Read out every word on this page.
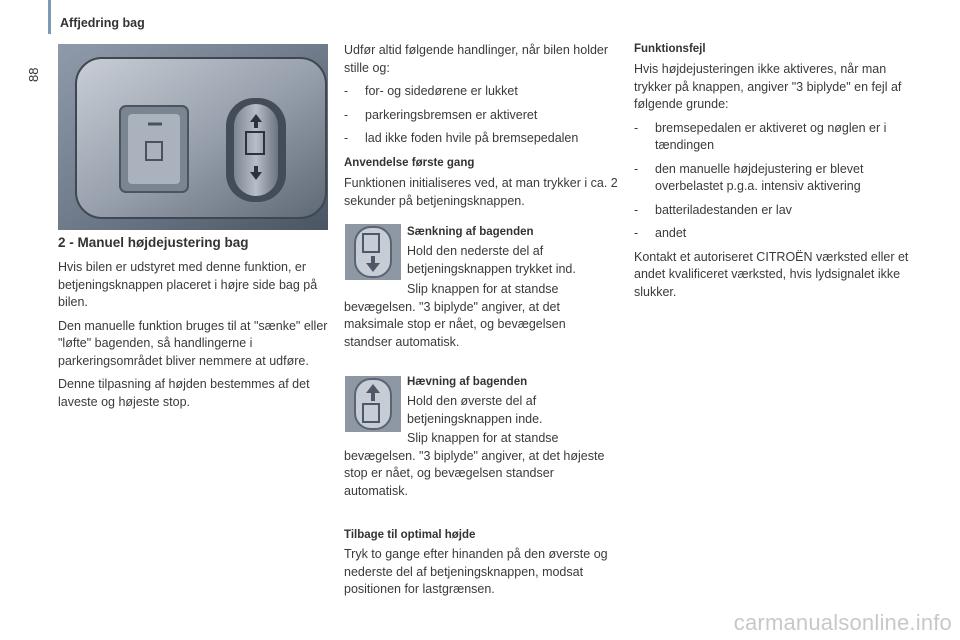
Affjedring bag
88
2 - Manuel højdejustering bag

Hvis bilen er udstyret med denne funktion, er betjeningsknappen placeret i højre side bag på bilen.

Den manuelle funktion bruges til at "sænke" eller "løfte" bagenden, så handlingerne i parkeringsområdet bliver nemmere at udføre.

Denne tilpasning af højden bestemmes af det laveste og højeste stop.

Udfør altid følgende handlinger, når bilen holder stille og:

- for- og sidedørene er lukket
- parkeringsbremsen er aktiveret
- lad ikke foden hvile på bremsepedalen
Anvendelse første gang
Funktionen initialiseres ved, at man trykker i ca. 2 sekunder på betjeningsknappen.
Sænkning af bagenden
Hold den nederste del af betjeningsknappen trykket ind.
Slip knappen for at standse bevægelsen. "3 biplyde" angiver, at det maksimale stop er nået, og bevægelsen standser automatisk.
Hævning af bagenden
Hold den øverste del af betjeningsknappen inde.
Slip knappen for at standse bevægelsen. "3 biplyde" angiver, at det højeste stop er nået, og bevægelsen standser automatisk.
Tilbage til optimal højde
Tryk to gange efter hinanden på den øverste og nederste del af betjeningsknappen, modsat positionen for lastgrænsen.
Funktionsfejl

Hvis højdejusteringen ikke aktiveres, når man trykker på knappen, angiver "3 biplyde" en fejl af følgende grunde:

- bremsepedalen er aktiveret og nøglen er i tændingen
- den manuelle højdejustering er blevet overbelastet p.g.a. intensiv aktivering
- batteriladestanden er lav
- andet

Kontakt et autoriseret CITROËN værksted eller et andet kvalificeret værksted, hvis lydsignalet ikke slukker.

carmanualsonline.info
